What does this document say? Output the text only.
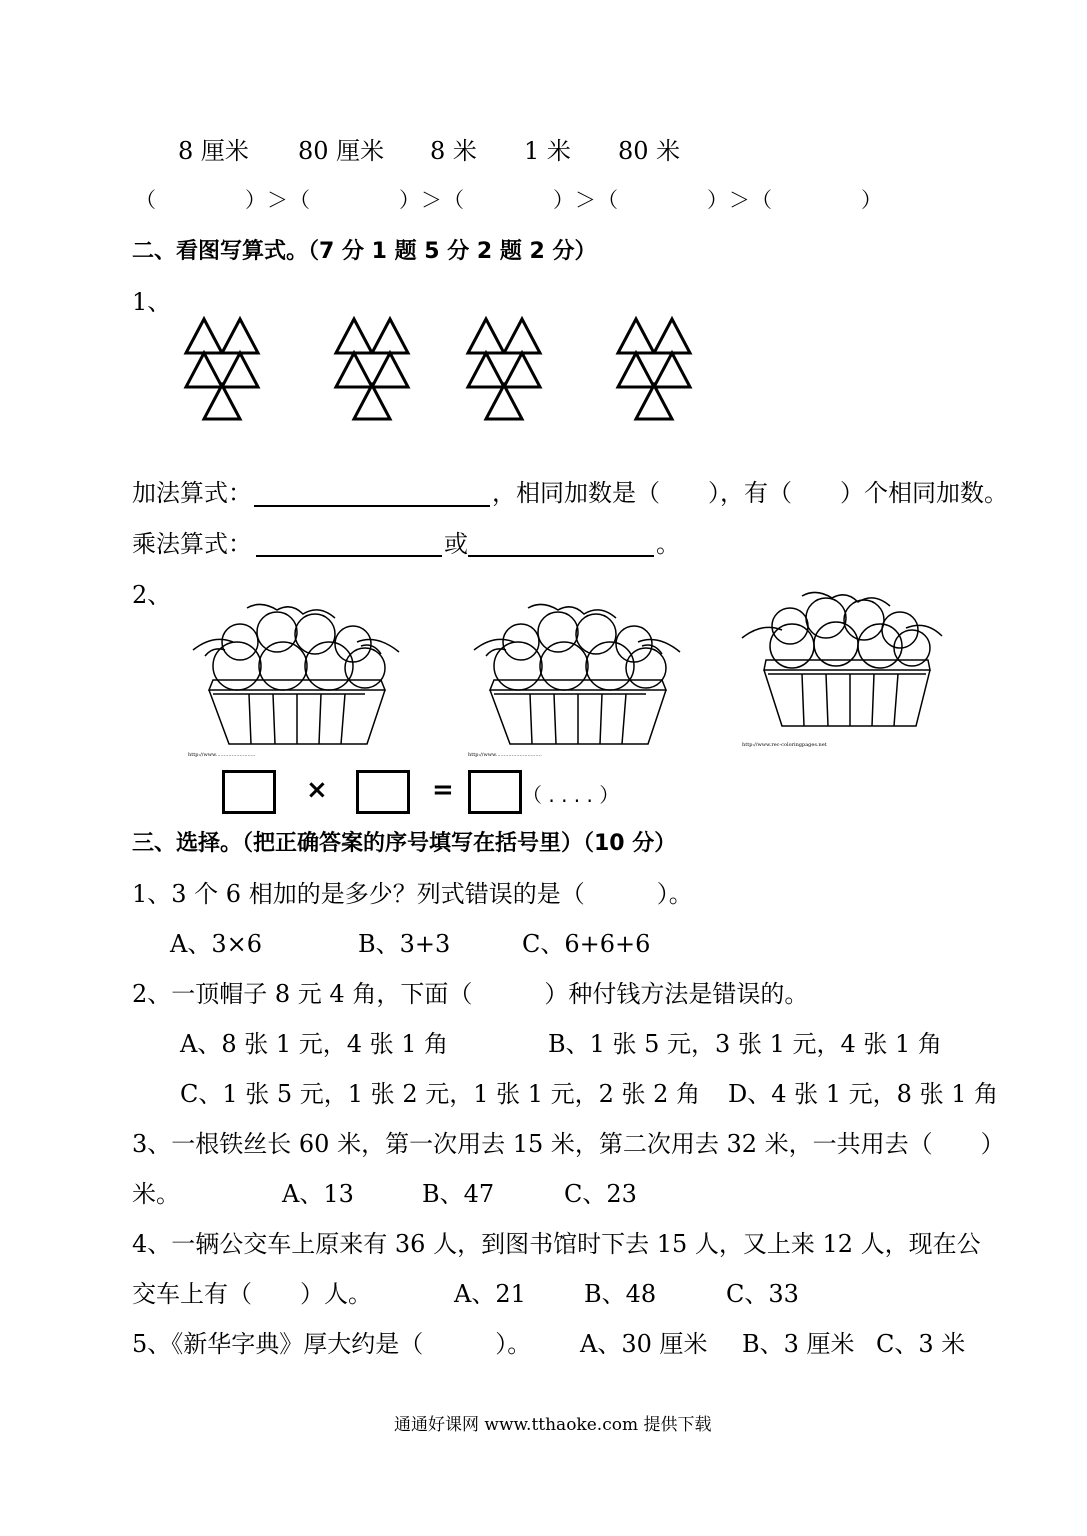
8 厘米 80 厘米 8 米 1 米 80 米
（　　　　）＞（　　　　）＞（　　　　）＞（　　　　）＞（　　　　）
二、看图写算式。（7 分 1 题 5 分 2 题 2 分）
1、
加法算式：	，相同加数是（　　），有（　　）个相同加数。
乘法算式：	或	。
2、
http://www.........................	http://www.............................
http://www.rec-coloringpages.net
×	=	（ . . . . ）
三、选择。（把正确答案的序号填写在括号里）（10 分）
1、3 个 6 相加的是多少？列式错误的是（　　　）。
A、3×6	B、3+3	C、6+6+6
2、一顶帽子 8 元 4 角，下面（　　　）种付钱方法是错误的。
A、8 张 1 元，4 张 1 角	B、1 张 5 元，3 张 1 元，4 张 1 角
C、1 张 5 元，1 张 2 元，1 张 1 元，2 张 2 角 D、4 张 1 元，8 张 1 角
3、一根铁丝长 60 米，第一次用去 15 米，第二次用去 32 米，一共用去（　　）
米。	A、13	B、47	C、23
4、一辆公交车上原来有 36 人，到图书馆时下去 15 人，又上来 12 人，现在公
交车上有（　　）人。	A、21 B、48	C、33
5、《新华字典》厚大约是（　　　）。 A、30 厘米 B、3 厘米 C、3 米
通通好课网 www.tthaoke.com 提供下载
